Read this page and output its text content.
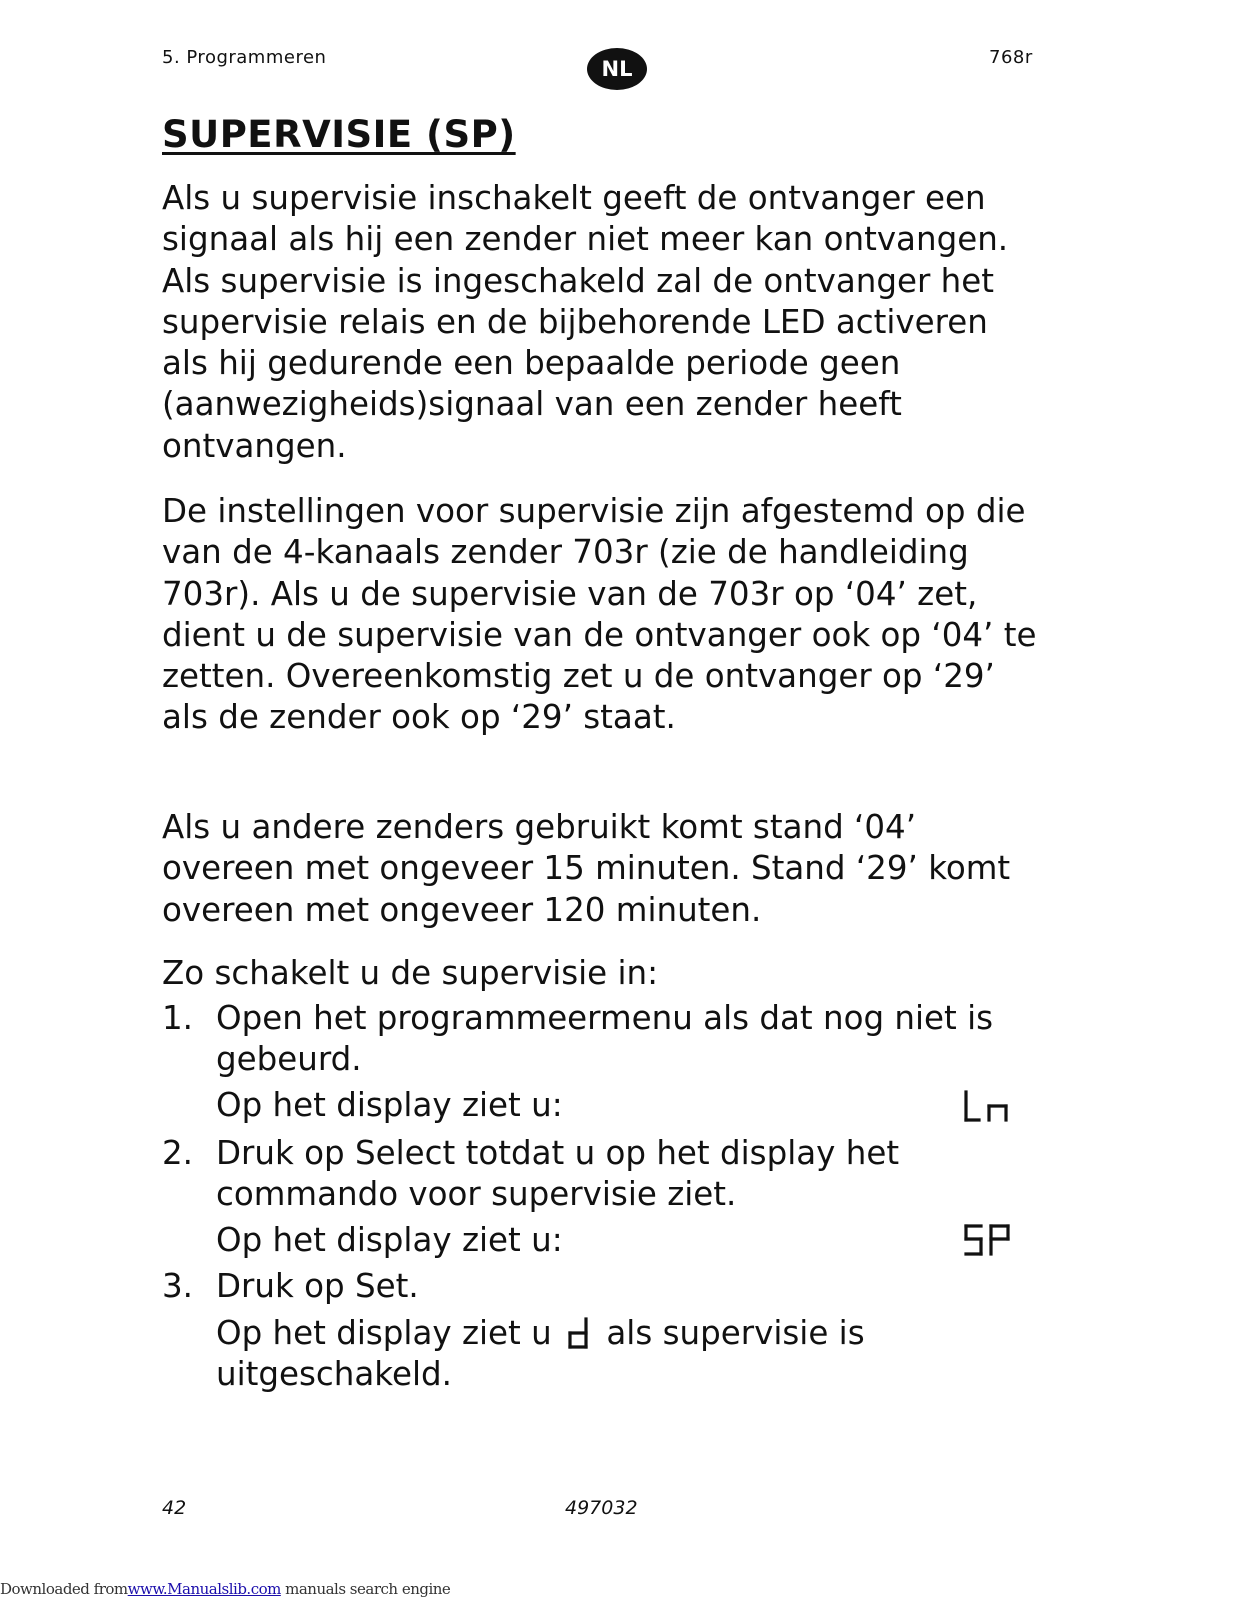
5. Programmeren	NL	768r
SUPERVISIE (SP)

Als u supervisie inschakelt geeft de ontvanger een signaal als hij een zender niet meer kan ontvangen. Als supervisie is ingeschakeld zal de ontvanger het supervisie relais en de bijbehorende LED activeren als hij gedurende een bepaalde periode geen (aanwezigheids)signaal van een zender heeft ontvangen.

De instellingen voor supervisie zijn afgestemd op die van de 4-kanaals zender 703r (zie de handleiding 703r). Als u de supervisie van de 703r op ‘04’ zet, dient u de supervisie van de ontvanger ook op ‘04’ te zetten. Overeenkomstig zet u de ontvanger op ‘29’ als de zender ook op ‘29’ staat.

Als u andere zenders gebruikt komt stand ‘04’ overeen met ongeveer 15 minuten. Stand ‘29’ komt overeen met ongeveer 120 minuten.

Zo schakelt u de supervisie in:

1. Open het programmeermenu als dat nog niet is gebeurd.
Op het display ziet u:
2. Druk op Select totdat u op het display het commando voor supervisie ziet.
Op het display ziet u:
3. Druk op Set.
Op het display ziet u als supervisie is uitgeschakeld.
42	497032
Downloaded fromwww.Manualslib.com manuals search engine
